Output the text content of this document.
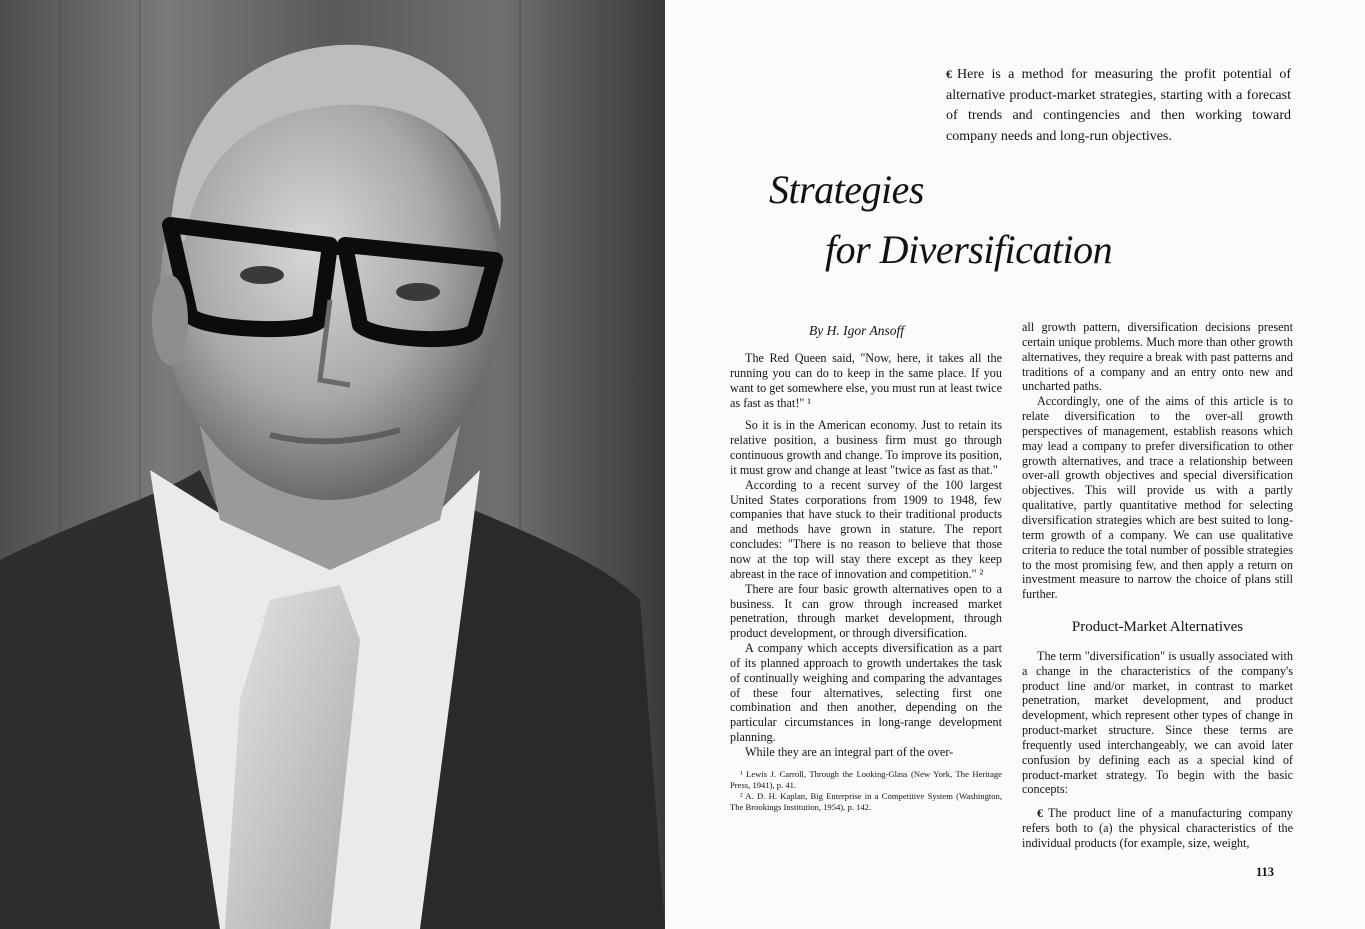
€ Here is a method for measuring the profit potential of alternative product-market strategies, starting with a forecast of trends and contingencies and then working toward company needs and long-run objectives.
Strategies
for Diversification
By H. Igor Ansoff

The Red Queen said, "Now, here, it takes all the running you can do to keep in the same place. If you want to get somewhere else, you must run at least twice as fast as that!" ¹

So it is in the American economy. Just to retain its relative position, a business firm must go through continuous growth and change. To improve its position, it must grow and change at least "twice as fast as that."

According to a recent survey of the 100 largest United States corporations from 1909 to 1948, few companies that have stuck to their traditional products and methods have grown in stature. The report concludes: "There is no reason to believe that those now at the top will stay there except as they keep abreast in the race of innovation and competition." ²

There are four basic growth alternatives open to a business. It can grow through increased market penetration, through market development, through product development, or through diversification.

A company which accepts diversification as a part of its planned approach to growth undertakes the task of continually weighing and comparing the advantages of these four alternatives, selecting first one combination and then another, depending on the particular circumstances in long-range development planning.

While they are an integral part of the over-

¹ Lewis J. Carroll, Through the Looking-Glass (New York, The Heritage Press, 1941), p. 41.

² A. D. H. Kaplan, Big Enterprise in a Competitive System (Washington, The Brookings Institution, 1954), p. 142.

all growth pattern, diversification decisions present certain unique problems. Much more than other growth alternatives, they require a break with past patterns and traditions of a company and an entry onto new and uncharted paths.

Accordingly, one of the aims of this article is to relate diversification to the over-all growth perspectives of management, establish reasons which may lead a company to prefer diversification to other growth alternatives, and trace a relationship between over-all growth objectives and special diversification objectives. This will provide us with a partly qualitative, partly quantitative method for selecting diversification strategies which are best suited to long-term growth of a company. We can use qualitative criteria to reduce the total number of possible strategies to the most promising few, and then apply a return on investment measure to narrow the choice of plans still further.

Product-Market Alternatives

The term "diversification" is usually associated with a change in the characteristics of the company's product line and/or market, in contrast to market penetration, market development, and product development, which represent other types of change in product-market structure. Since these terms are frequently used interchangeably, we can avoid later confusion by defining each as a special kind of product-market strategy. To begin with the basic concepts:

€ The product line of a manufacturing company refers both to (a) the physical characteristics of the individual products (for example, size, weight,

113
